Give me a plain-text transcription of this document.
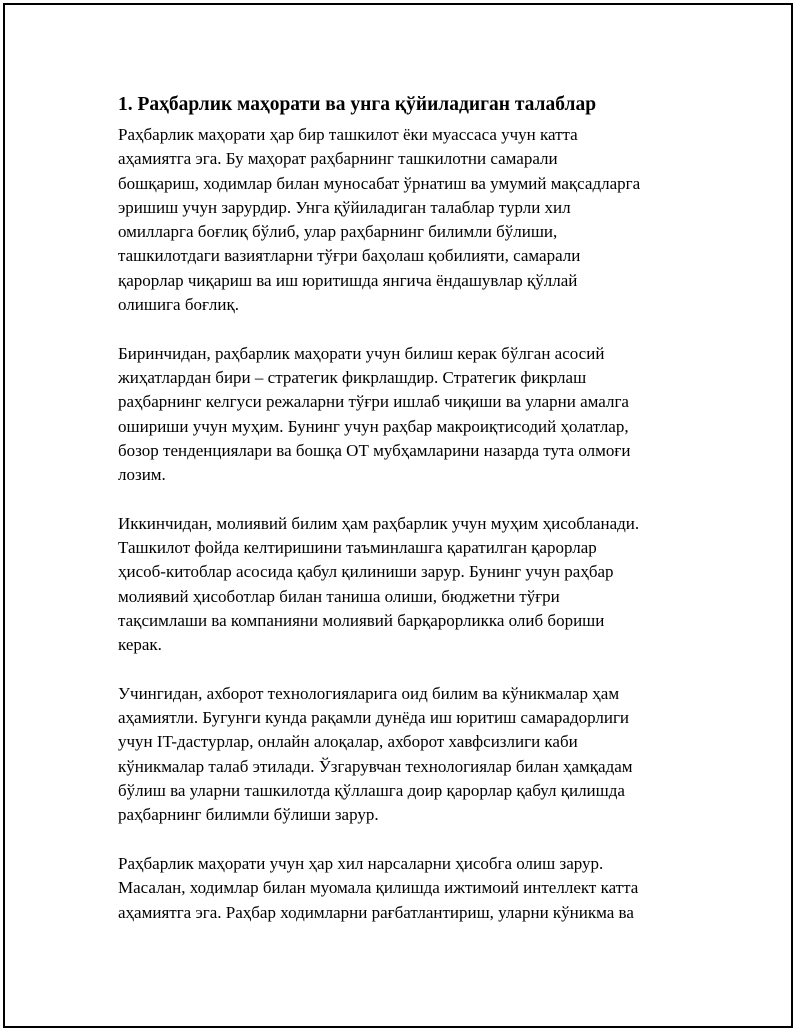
1. Раҳбарлик маҳорати ва унга қўйиладиган талаблар

Раҳбарлик маҳорати ҳар бир ташкилот ёки муассаса учун катта
аҳамиятга эга. Бу маҳорат раҳбарнинг ташкилотни самарали
бошқариш, ходимлар билан муносабат ўрнатиш ва умумий мақсадларга
эришиш учун зарурдир. Унга қўйиладиган талаблар турли хил
омилларга боғлиқ бўлиб, улар раҳбарнинг билимли бўлиши,
ташкилотдаги вазиятларни тўғри баҳолаш қобилияти, самарали
қарорлар чиқариш ва иш юритишда янгича ёндашувлар қўллай
олишига боғлиқ.

Биринчидан, раҳбарлик маҳорати учун билиш керак бўлган асосий
жиҳатлардан бири – стратегик фикрлашдир. Стратегик фикрлаш
раҳбарнинг келгуси режаларни тўғри ишлаб чиқиши ва уларни амалга
ошириши учун муҳим. Бунинг учун раҳбар макроиқтисодий ҳолатлар,
бозор тенденциялари ва бошқа ОТ мубҳамларини назарда тута олмоғи
лозим.

Иккинчидан, молиявий билим ҳам раҳбарлик учун муҳим ҳисобланади.
Ташкилот фойда келтиришини таъминлашга қаратилган қарорлар
ҳисоб-китоблар асосида қабул қилиниши зарур. Бунинг учун раҳбар
молиявий ҳисоботлар билан таниша олиши, бюджетни тўғри
тақсимлаши ва компанияни молиявий барқарорликка олиб бориши
керак.

Учингидан, ахборот технологияларига оид билим ва кўникмалар ҳам
аҳамиятли. Бугунги кунда рақамли дунёда иш юритиш самарадорлиги
учун IT-дастурлар, онлайн алоқалар, ахборот хавфсизлиги каби
кўникмалар талаб этилади. Ўзгарувчан технологиялар билан ҳамқадам
бўлиш ва уларни ташкилотда қўллашга доир қарорлар қабул қилишда
раҳбарнинг билимли бўлиши зарур.

Раҳбарлик маҳорати учун ҳар хил нарсаларни ҳисобга олиш зарур.
Масалан, ходимлар билан муомала қилишда ижтимоий интеллект катта
аҳамиятга эга. Раҳбар ходимларни рағбатлантириш, уларни кўникма ва
